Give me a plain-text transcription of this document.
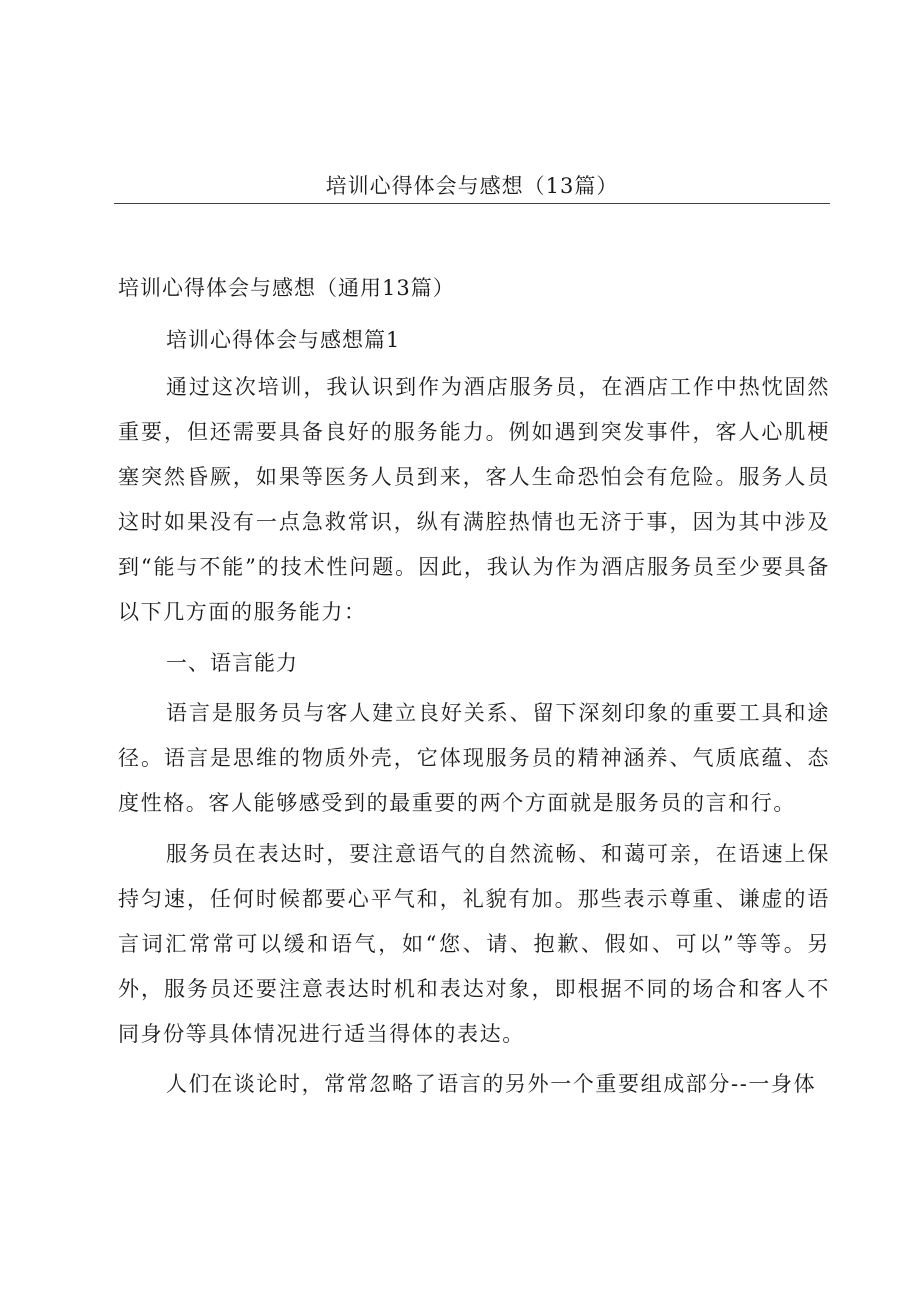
培训心得体会与感想（13篇）
培训心得体会与感想（通用13篇）
培训心得体会与感想篇1

通过这次培训，我认识到作为酒店服务员，在酒店工作中热忱固然重要，但还需要具备良好的服务能力。例如遇到突发事件，客人心肌梗塞突然昏厥，如果等医务人员到来，客人生命恐怕会有危险。服务人员这时如果没有一点急救常识，纵有满腔热情也无济于事，因为其中涉及到“能与不能”的技术性问题。因此，我认为作为酒店服务员至少要具备以下几方面的服务能力：

一、语言能力

语言是服务员与客人建立良好关系、留下深刻印象的重要工具和途径。语言是思维的物质外壳，它体现服务员的精神涵养、气质底蕴、态度性格。客人能够感受到的最重要的两个方面就是服务员的言和行。

服务员在表达时，要注意语气的自然流畅、和蔼可亲，在语速上保持匀速，任何时候都要心平气和，礼貌有加。那些表示尊重、谦虚的语言词汇常常可以缓和语气，如“您、请、抱歉、假如、可以”等等。另外，服务员还要注意表达时机和表达对象，即根据不同的场合和客人不同身份等具体情况进行适当得体的表达。

人们在谈论时，常常忽略了语言的另外一个重要组成部分--一身体
